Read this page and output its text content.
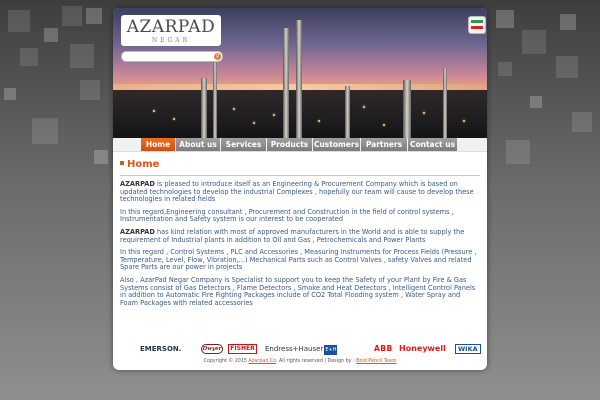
AZARPAD
NEGAR
⚲
Home	About us	Services	Products Customers Partners	Contact us
Home

AZARPAD is pleased to introduce itself as an Engineering & Procurement Company which is based on updated technologies to develop the industrial Complexes , hopefully our team will cause to develop these technologies in related fields

In this regard,Engineering consultant , Procurement and Construction in the field of control systems , Instrumentation and Safety system is our interest to be cooperated

AZARPAD has kind relation with most of approved manufacturers in the World and is able to supply the requirement of Industrial plants in addition to Oil and Gas , Petrochemicals and Power Plants

In this regard , Control Systems , PLC and Accessories , Measuring Instruments for Process Fields (Pressure , Temperature, Level, Flow, Vibration,...) Mechanical Parts such as Control Valves , safety Valves and related Spare Parts are our power in projects

Also , AzarPad Negar Company is Specialist to support you to keep the Safety of your Plant by Fire & Gas Systems consist of Gas Detectors , Flame Detectors , Smoke and Heat Detectors , Intelligent Control Panels in addition to Automatic Fire Fighting Packages include of CO2 Total Flooding system , Water Spray and Foam Packages with related accessories

EMERSON.	Dwyer	FISHER	Endress+Hauser E+H	ABB Honeywell	WIKA
Copyright © 2015 Azarpad.Co. All rights reserved | Design by : Bold Pencil Team
